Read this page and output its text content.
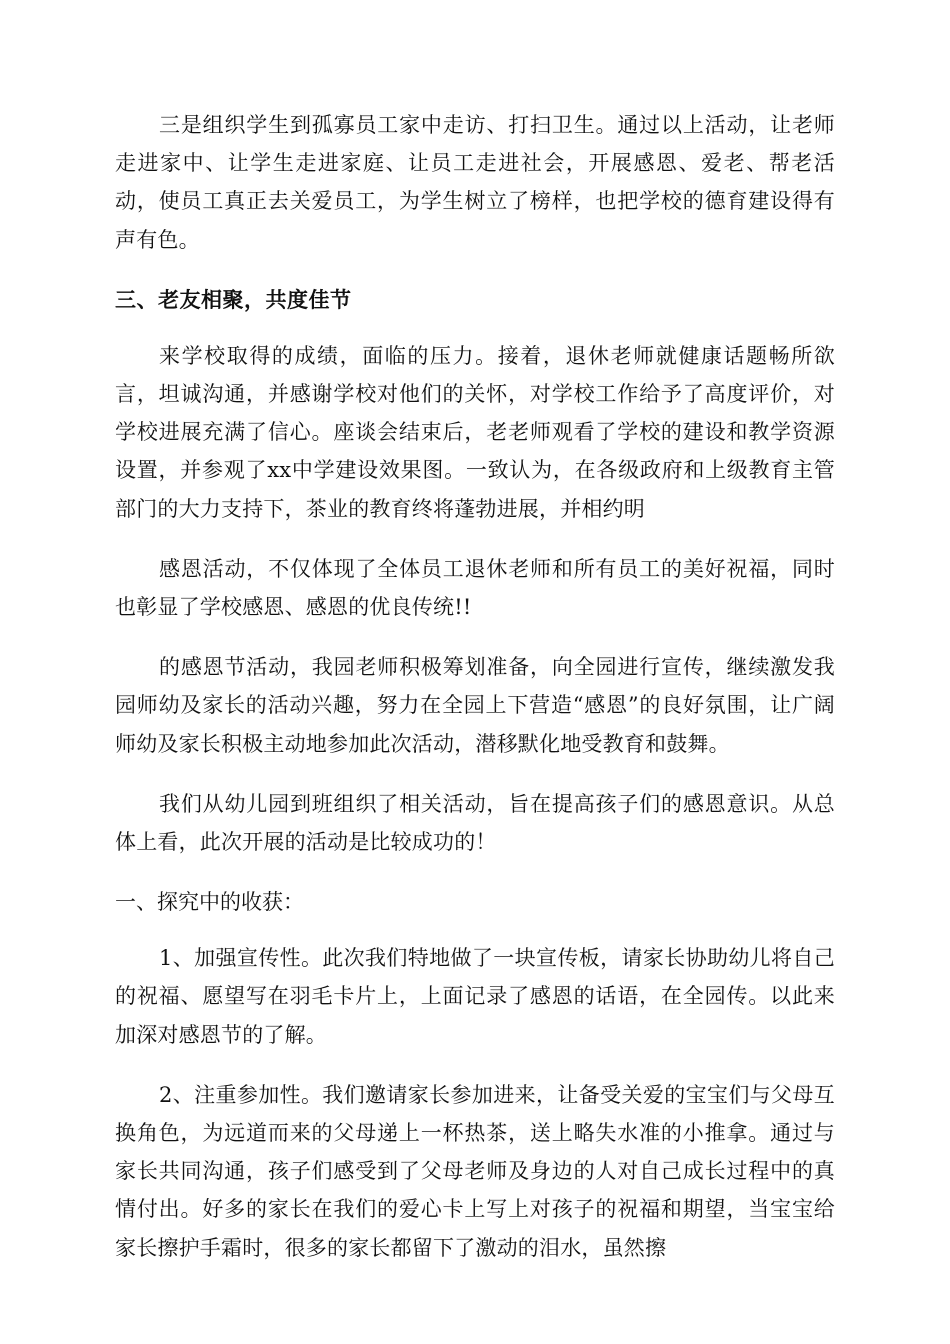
三是组织学生到孤寡员工家中走访、打扫卫生。通过以上活动，让老师走进家中、让学生走进家庭、让员工走进社会，开展感恩、爱老、帮老活动，使员工真正去关爱员工，为学生树立了榜样，也把学校的德育建设得有声有色。

三、老友相聚，共度佳节

来学校取得的成绩，面临的压力。接着，退休老师就健康话题畅所欲言，坦诚沟通，并感谢学校对他们的关怀，对学校工作给予了高度评价，对学校进展充满了信心。座谈会结束后，老老师观看了学校的建设和教学资源设置，并参观了xx中学建设效果图。一致认为，在各级政府和上级教育主管部门的大力支持下，茶业的教育终将蓬勃进展，并相约明

感恩活动，不仅体现了全体员工退休老师和所有员工的美好祝福，同时也彰显了学校感恩、感恩的优良传统!!

的感恩节活动，我园老师积极筹划准备，向全园进行宣传，继续激发我园师幼及家长的活动兴趣，努力在全园上下营造“感恩”的良好氛围，让广阔师幼及家长积极主动地参加此次活动，潜移默化地受教育和鼓舞。

我们从幼儿园到班组织了相关活动，旨在提高孩子们的感恩意识。从总体上看，此次开展的活动是比较成功的！

一、探究中的收获：

1、加强宣传性。此次我们特地做了一块宣传板，请家长协助幼儿将自己的祝福、愿望写在羽毛卡片上，上面记录了感恩的话语，在全园传。以此来加深对感恩节的了解。

2、注重参加性。我们邀请家长参加进来，让备受关爱的宝宝们与父母互换角色，为远道而来的父母递上一杯热茶，送上略失水准的小推拿。通过与家长共同沟通，孩子们感受到了父母老师及身边的人对自己成长过程中的真情付出。好多的家长在我们的爱心卡上写上对孩子的祝福和期望，当宝宝给家长擦护手霜时，很多的家长都留下了激动的泪水，虽然擦
